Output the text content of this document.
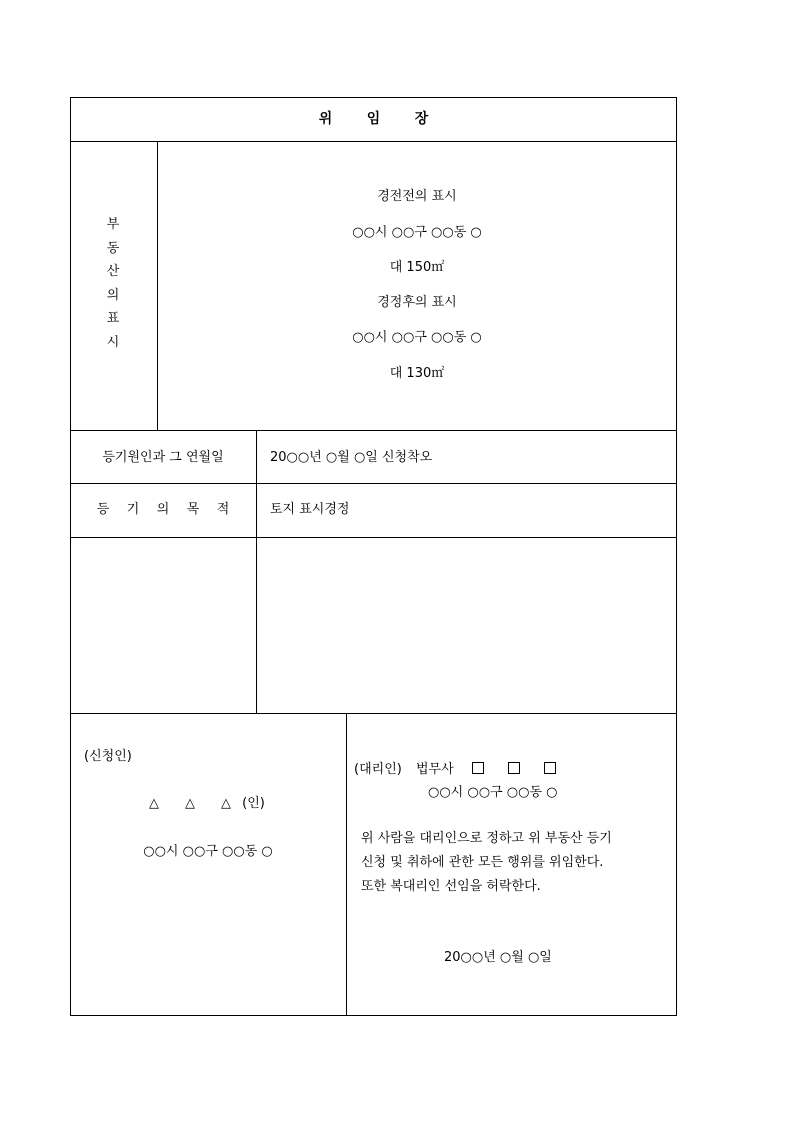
위 임 장
부
동
산
의
표
시
경전전의 표시
○○시 ○○구 ○○동 ○
대 150㎡
경정후의 표시
○○시 ○○구 ○○동 ○
대 130㎡
등기원인과 그 연월일	20○○년 ○월 ○일 신청착오
등 기 의 목 적	토지 표시경정
(신청인)
△ △ △ (인)
○○시 ○○구 ○○동 ○
(대리인) 법무사
○○시 ○○구 ○○동 ○
위 사람을 대리인으로 정하고 위 부동산 등기
신청 및 취하에 관한 모든 행위를 위임한다.
또한 복대리인 선임을 허락한다.
20○○년 ○월 ○일
